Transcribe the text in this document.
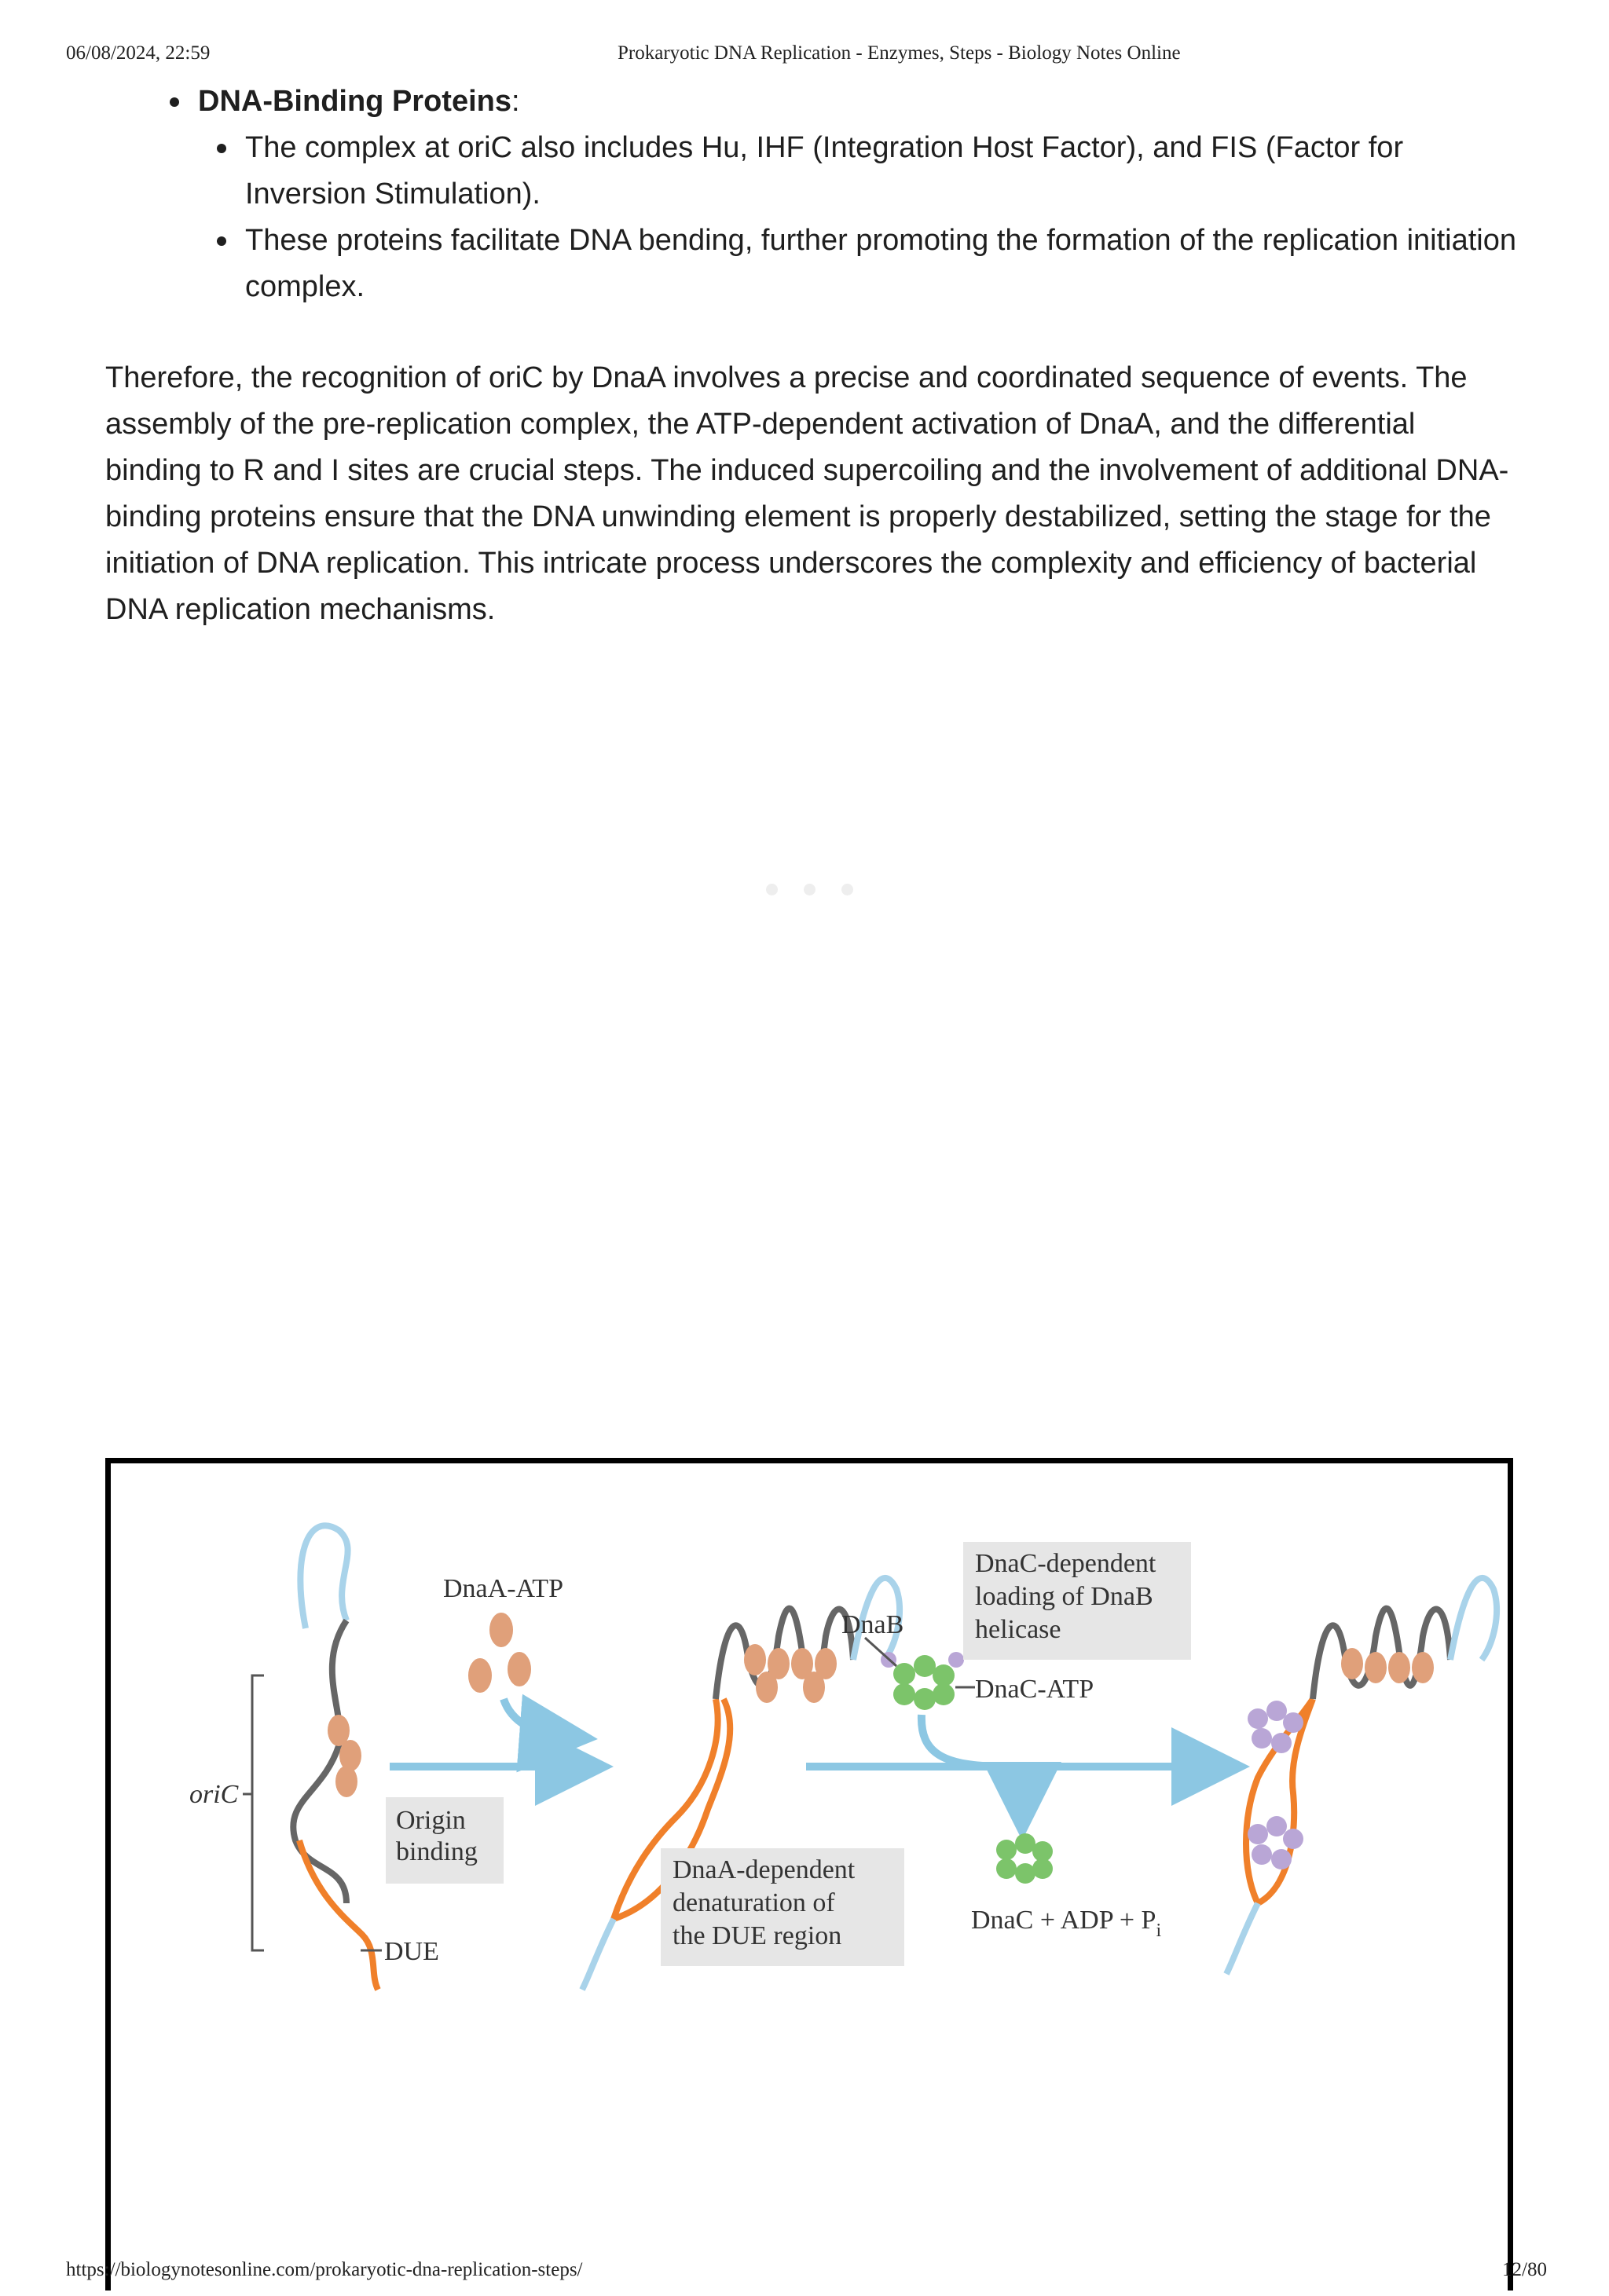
06/08/2024, 22:59	Prokaryotic DNA Replication - Enzymes, Steps - Biology Notes Online
DNA-Binding Proteins:
The complex at oriC also includes Hu, IHF (Integration Host Factor), and FIS (Factor for Inversion Stimulation).
These proteins facilitate DNA bending, further promoting the formation of the replication initiation complex.

Therefore, the recognition of oriC by DnaA involves a precise and coordinated sequence of events. The assembly of the pre-replication complex, the ATP-dependent activation of DnaA, and the differential binding to R and I sites are crucial steps. The induced supercoiling and the involvement of additional DNA-binding proteins ensure that the DNA unwinding element is properly destabilized, setting the stage for the initiation of DNA replication. This intricate process underscores the complexity and efficiency of bacterial DNA replication mechanisms.

oriC
DUE
DnaA-ATP
Origin
binding
DnaA-dependent
denaturation of
the DUE region
DnaB
DnaC-ATP
DnaC-dependent
loading of DnaB
helicase
DnaC + ADP + $P_i$
https://biologynotesonline.com/prokaryotic-dna-replication-steps/	12/80
